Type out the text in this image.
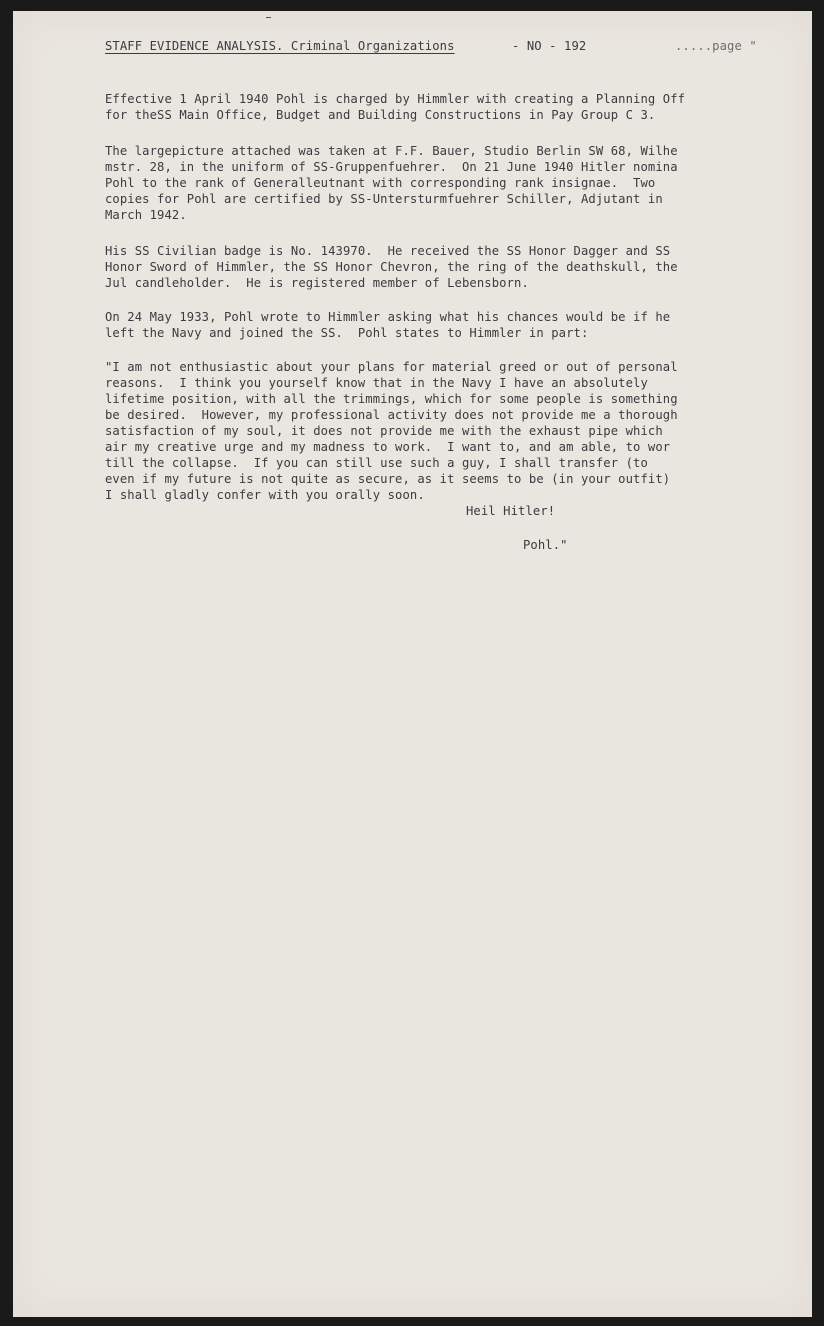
STAFF EVIDENCE ANALYSIS. Criminal Organizations

	- NO - 192

	.....page "

Effective 1 April 1940 Pohl is charged by Himmler with creating a Planning Off
for theSS Main Office, Budget and Building Constructions in Pay Group C 3.
The largepicture attached was taken at F.F. Bauer, Studio Berlin SW 68, Wilhe
mstr. 28, in the uniform of SS-Gruppenfuehrer.  On 21 June 1940 Hitler nomina
Pohl to the rank of Generalleutnant with corresponding rank insignae.  Two
copies for Pohl are certified by SS-Untersturmfuehrer Schiller, Adjutant in
March 1942.
His SS Civilian badge is No. 143970.  He received the SS Honor Dagger and SS
Honor Sword of Himmler, the SS Honor Chevron, the ring of the deathskull, the
Jul candleholder.  He is registered member of Lebensborn.
On 24 May 1933, Pohl wrote to Himmler asking what his chances would be if he
left the Navy and joined the SS.  Pohl states to Himmler in part:
"I am not enthusiastic about your plans for material greed or out of personal
reasons.  I think you yourself know that in the Navy I have an absolutely
lifetime position, with all the trimmings, which for some people is something
be desired.  However, my professional activity does not provide me a thorough
satisfaction of my soul, it does not provide me with the exhaust pipe which
air my creative urge and my madness to work.  I want to, and am able, to wor
till the collapse.  If you can still use such a guy, I shall transfer (to
even if my future is not quite as secure, as it seems to be (in your outfit)
I shall gladly confer with you orally soon.
Heil Hitler!
Pohl."
